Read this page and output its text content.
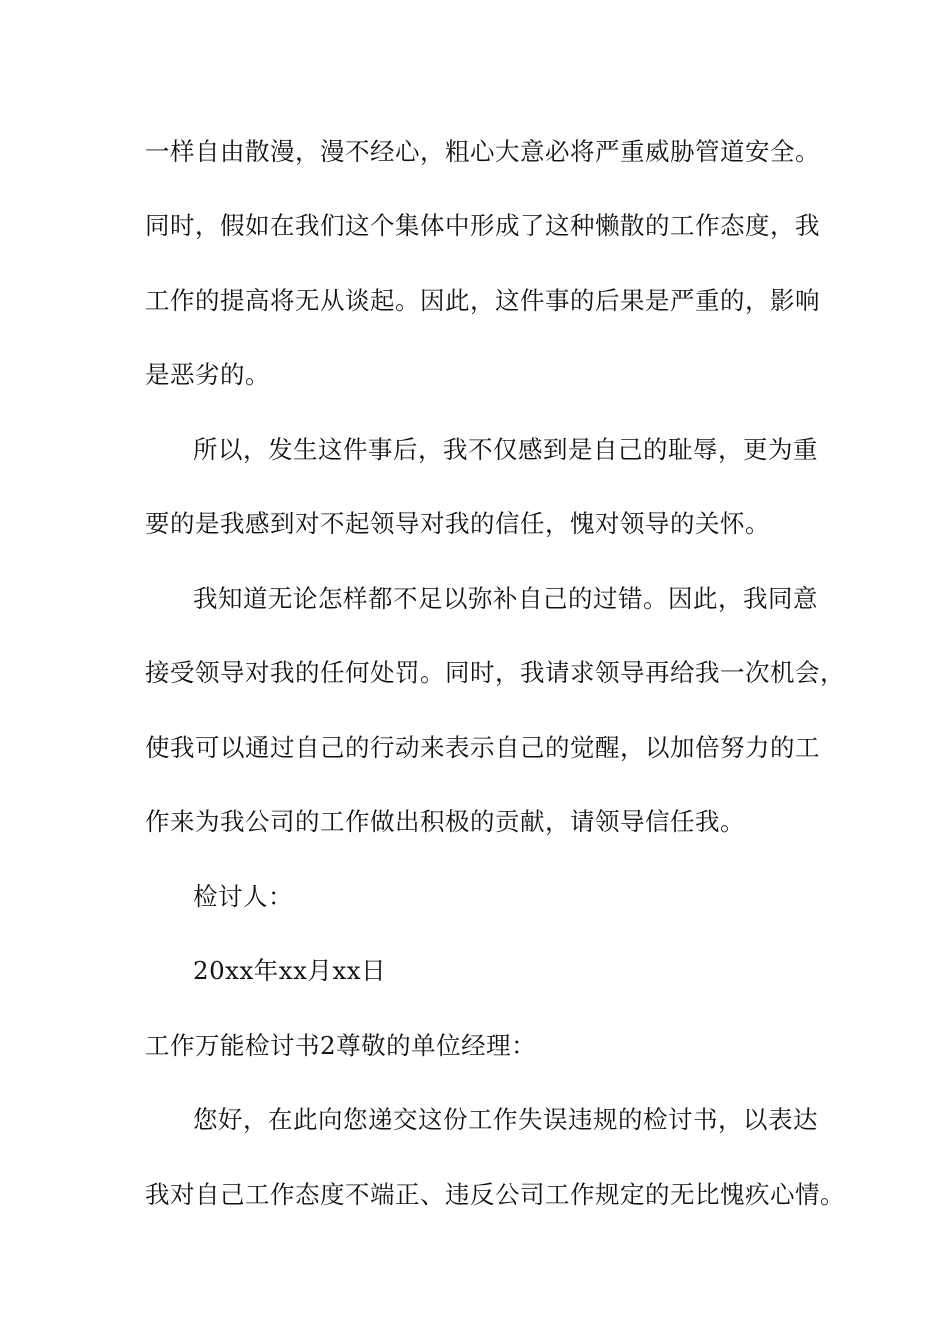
一样自由散漫，漫不经心，粗心大意必将严重威胁管道安全。
同时，假如在我们这个集体中形成了这种懒散的工作态度，我
工作的提高将无从谈起。因此，这件事的后果是严重的，影响
是恶劣的。
所以，发生这件事后，我不仅感到是自己的耻辱，更为重
要的是我感到对不起领导对我的信任，愧对领导的关怀。
我知道无论怎样都不足以弥补自己的过错。因此，我同意
接受领导对我的任何处罚。同时，我请求领导再给我一次机会，
使我可以通过自己的行动来表示自己的觉醒，以加倍努力的工
作来为我公司的工作做出积极的贡献，请领导信任我。
检讨人：
20xx年xx月xx日
工作万能检讨书2尊敬的单位经理：
您好，在此向您递交这份工作失误违规的检讨书，以表达
我对自己工作态度不端正、违反公司工作规定的无比愧疚心情。
